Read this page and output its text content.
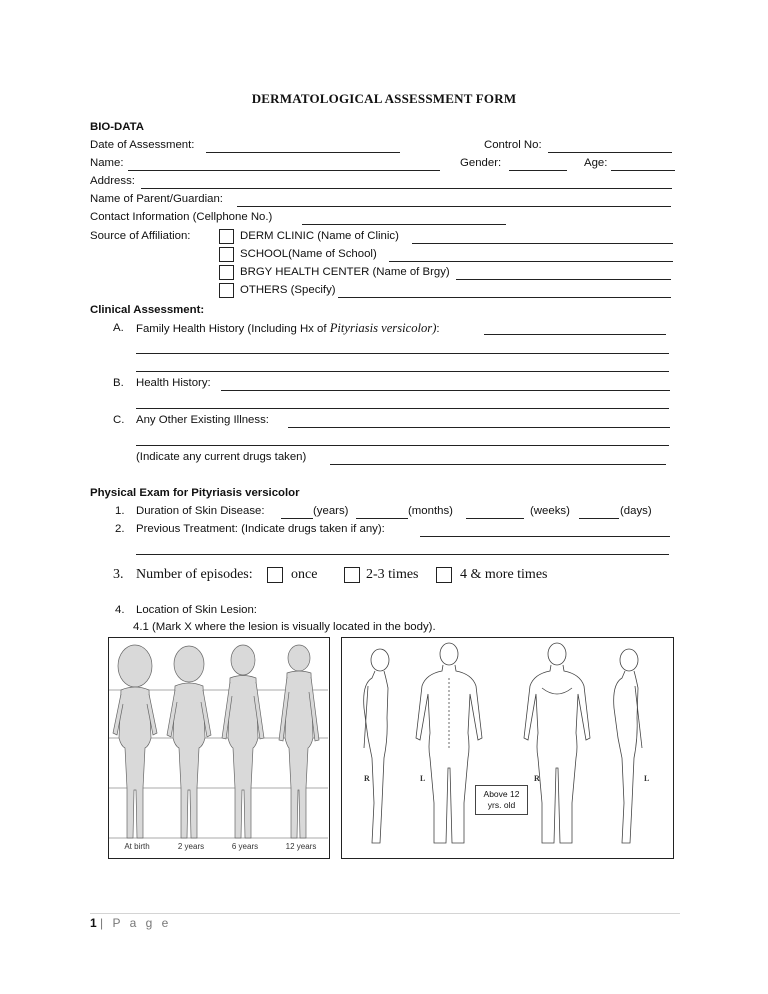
DERMATOLOGICAL ASSESSMENT FORM
BIO-DATA
Date of Assessment:	Control No:
Name:	Gender:	Age:
Address:
Name of Parent/Guardian:
Contact Information (Cellphone No.)
Source of Affiliation:	DERM CLINIC (Name of Clinic)
SCHOOL(Name of School)
BRGY HEALTH CENTER (Name of Brgy)
OTHERS (Specify)
Clinical Assessment:
A. Family Health History (Including Hx of Pityriasis versicolor):
B. Health History:
C. Any Other Existing Illness:
(Indicate any current drugs taken)
Physical Exam for Pityriasis versicolor
1. Duration of Skin Disease:	(years)	(months)	(weeks)	(days)
2. Previous Treatment: (Indicate drugs taken if any):
3. Number of episodes:	once	2-3 times	4 & more times
4. Location of Skin Lesion:
4.1 (Mark X where the lesion is visually located in the body).
At birth	2 years	6 years	12 years
R	L	R	L
Above 12
yrs. old
1 | P a g e
